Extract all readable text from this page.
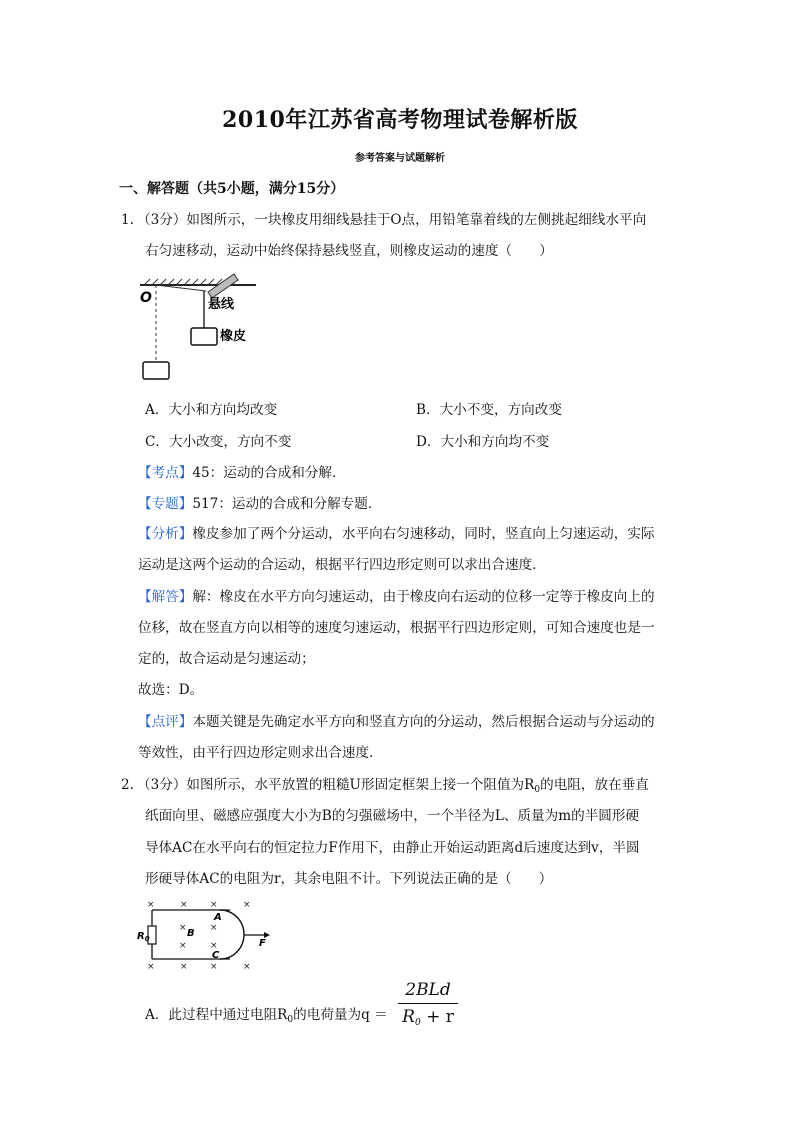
2010年江苏省高考物理试卷解析版
参考答案与试题解析
一、解答题（共5小题，满分15分）
1. （3分）如图所示，一块橡皮用细线悬挂于O点，用铅笔靠着线的左侧挑起细线水平向
右匀速移动，运动中始终保持悬线竖直，则橡皮运动的速度（　　）
O	悬线
橡皮
A．大小和方向均改变	B．大小不变，方向改变
C．大小改变，方向不变	D．大小和方向均不变
【考点】45：运动的合成和分解．
【专题】517：运动的合成和分解专题．
【分析】橡皮参加了两个分运动，水平向右匀速移动，同时，竖直向上匀速运动，实际
运动是这两个运动的合运动，根据平行四边形定则可以求出合速度．
【解答】解：橡皮在水平方向匀速运动，由于橡皮向右运动的位移一定等于橡皮向上的
位移，故在竖直方向以相等的速度匀速运动，根据平行四边形定则，可知合速度也是一
定的，故合运动是匀速运动；
故选：D。
【点评】本题关键是先确定水平方向和竖直方向的分运动，然后根据合运动与分运动的
等效性，由平行四边形定则求出合速度．
2. （3分）如图所示，水平放置的粗糙U形固定框架上接一个阻值为$R_0$的电阻，放在垂直
纸面向里、磁感应强度大小为B的匀强磁场中，一个半径为L、质量为m的半圆形硬
导体AC在水平向右的恒定拉力F作用下，由静止开始运动距离d后速度达到v，半圆
形硬导体AC的电阻为r，其余电阻不计。下列说法正确的是（　　）
×	× ×	×
×	×
×	×
×	× ×	×
$R_0$
A
B
C
F
A．此过程中通过电阻$R_0$的电荷量为q ＝
2BLd
$R_0 + r$
